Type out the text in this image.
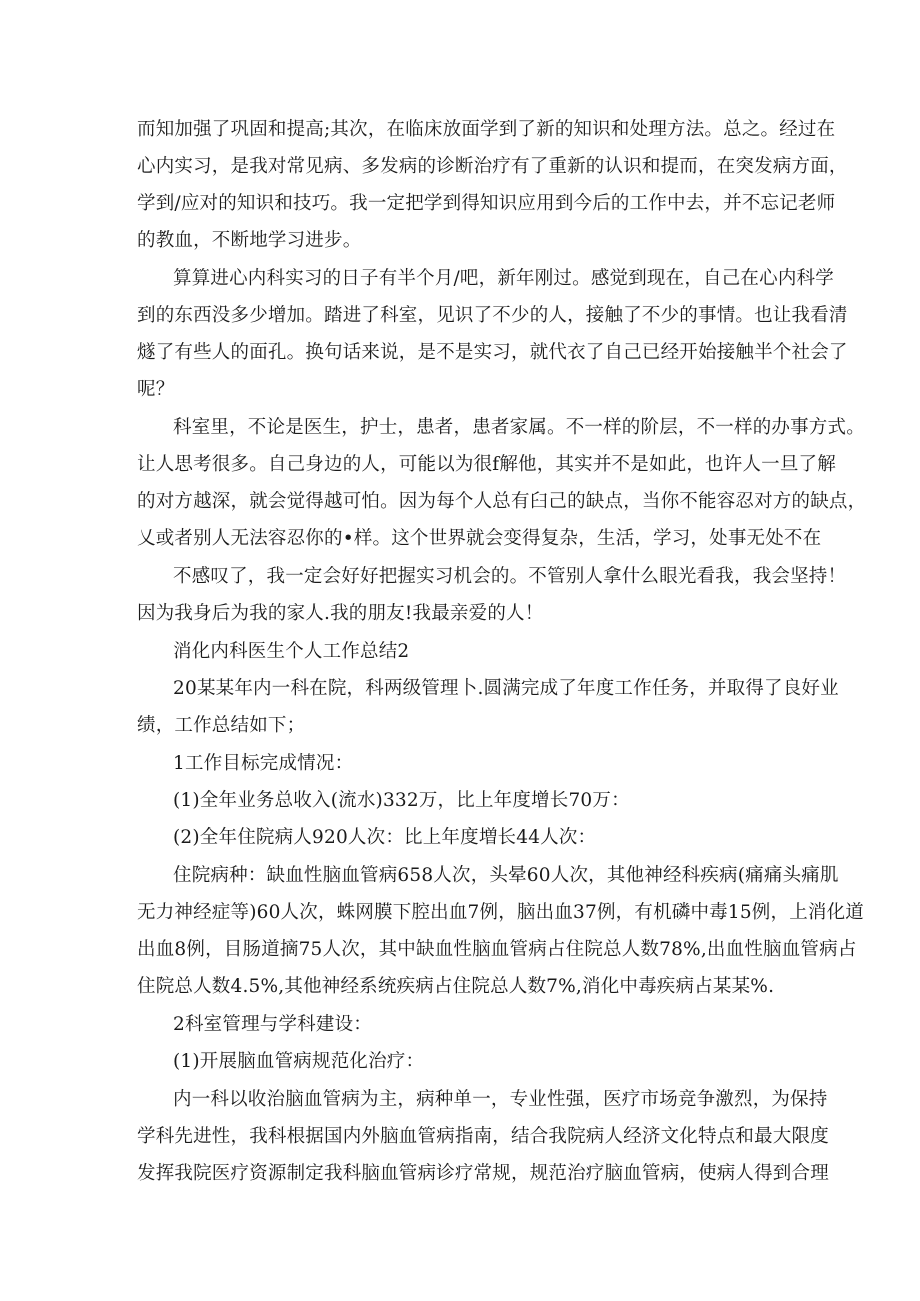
而知加强了巩固和提高;其次，在临床放面学到了新的知识和处理方法。总之。经过在
心内实习，是我对常见病、多发病的诊断治疗有了重新的认识和提而，在突发病方面，
学到/应对的知识和技巧。我一定把学到得知识应用到今后的工作中去，并不忘记老师
的教血，不断地学习进步。
算算进心内科实习的日子有半个月/吧，新年刚过。感觉到现在，自己在心内科学
到的东西没多少增加。踏进了科室，见识了不少的人，接触了不少的事情。也让我看清
燧了有些人的面孔。换句话来说，是不是实习，就代衣了自己已经开始接触半个社会了
呢？
科室里，不论是医生，护士，患者，患者家属。不一样的阶层，不一样的办事方式。
让人思考很多。自己身边的人，可能以为很f解他，其实并不是如此，也许人一旦了解
的对方越深，就会觉得越可怕。因为每个人总有臼己的缺点，当你不能容忍对方的缺点，
乂或者别人无法容忍你的•样。这个世界就会变得复杂，生活，学习，处事无处不在
不感叹了，我一定会好好把握实习机会的。不管别人拿什么眼光看我，我会坚持！
因为我身后为我的家人.我的朋友!我最亲爱的人！
消化内科医生个人工作总结2
20某某年内一科在院，科两级管理卜.圆满完成了年度工作任务，并取得了良好业
绩，工作总结如下；
1工作目标完成情况：
(1)全年业务总收入(流水)332万，比上年度增长70万：
(2)全年住院病人920人次：比上年度増长44人次：
住院病种：缺血性脑血管病658人次，头晕60人次，其他神经科疾病(痛痛头痛肌
无力神经症等)60人次，蛛网膜下腔出血7例，脑出血37例，有机磷中毒15例，上消化道
出血8例，目肠道摘75人次，其中缺血性脑血管病占住院总人数78%,出血性脑血管病占
住院总人数4.5%,其他神经系统疾病占住院总人数7%,消化中毒疾病占某某%.
2科室管理与学科建设：
(1)开展脑血管病规范化治疗：
内一科以收治脑血管病为主，病种单一，专业性强，医疗市场竞争激烈，为保持
学科先进性，我科根据国内外脑血管病指南，结合我院病人经济文化特点和最大限度
发挥我院医疗资源制定我科脑血管病诊疗常规，规范治疗脑血管病，使病人得到合理
